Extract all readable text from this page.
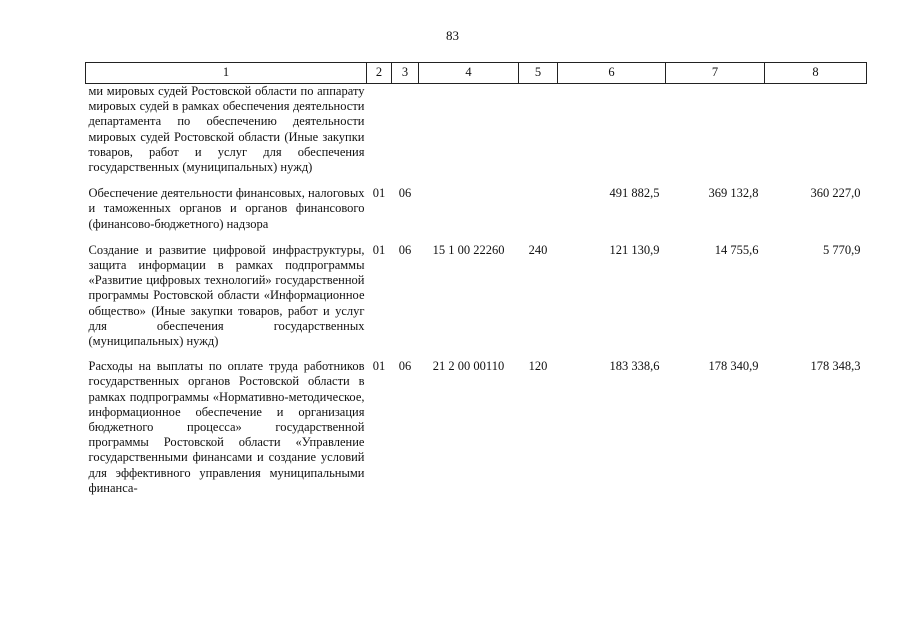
83
1	2	3	4	5	6	7	8
ми мировых судей Ростовской области по аппарату мировых судей в рамках обеспечения деятельности департамента по обеспечению деятельности мировых судей Ростовской области (Иные закупки товаров, работ и услуг для обеспечения государственных (муниципальных) нужд)							
Обеспечение деятельности финансовых, налоговых и таможенных органов и органов финансового (финансово-бюджетного) надзора	01	06			491 882,5	369 132,8	360 227,0
Создание и развитие цифровой инфраструктуры, защита информации в рамках подпрограммы «Развитие цифровых технологий» государственной программы Ростовской области «Информационное общество» (Иные закупки товаров, работ и услуг для обеспечения государственных (муниципальных) нужд)	01	06	15 1 00 22260	240	121 130,9	14 755,6	5 770,9
Расходы на выплаты по оплате труда работников государственных органов Ростовской области в рамках подпрограммы «Нормативно-методическое, информационное обеспечение и организация бюджетного процесса» государственной программы Ростовской области «Управление государственными финансами и создание условий для эффективного управления муниципальными финанса-	01	06	21 2 00 00110	120	183 338,6	178 340,9	178 348,3
